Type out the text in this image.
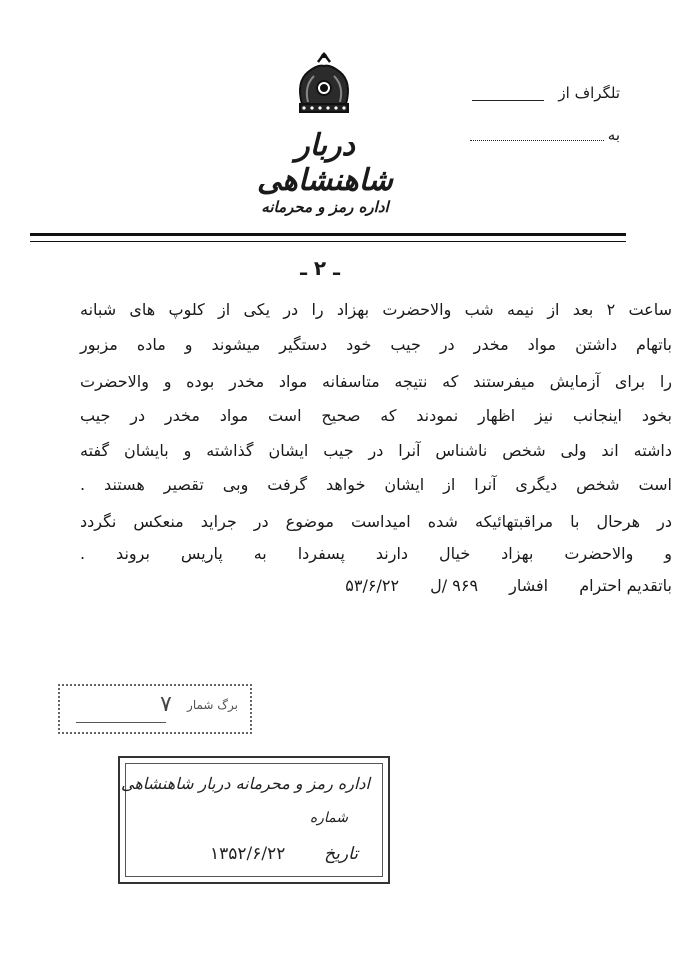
تلگراف از
به
دربار شاهنشاهی
اداره رمز و محرمانه
ـ ۲ ـ
ساعت ۲ بعد از نیمه شب والاحضرت بهزاد را در یکی از کلوپ های شبانه
باتهام داشتن مواد مخدر در جیب خود دستگیر میشوند و ماده مزبور
را برای آزمایش میفرستند که نتیجه متاسفانه مواد مخدر بوده و والاحضرت
بخود اینجانب نیز اظهار نمودند که صحیح است مواد مخدر در جیب
داشته اند ولی شخص ناشناس آنرا در جیب ایشان گذاشته و بایشان گفته
است شخص دیگری آنرا از ایشان خواهد گرفت وبی تقصیر هستند .
در هرحال با مراقبتهائیکه شده امیداست موضوع در جراید منعکس نگردد
و والاحضرت بهزاد خیال دارند پسفردا به پاریس بروند .
باتقدیم احترام افشار ۹۶۹ /ل ۵۳/۶/۲۲
برگ شمار
۷
اداره رمز و محرمانه دربار شاهنشاهی
شماره
تاریخ
۱۳۵۲/۶/۲۲
